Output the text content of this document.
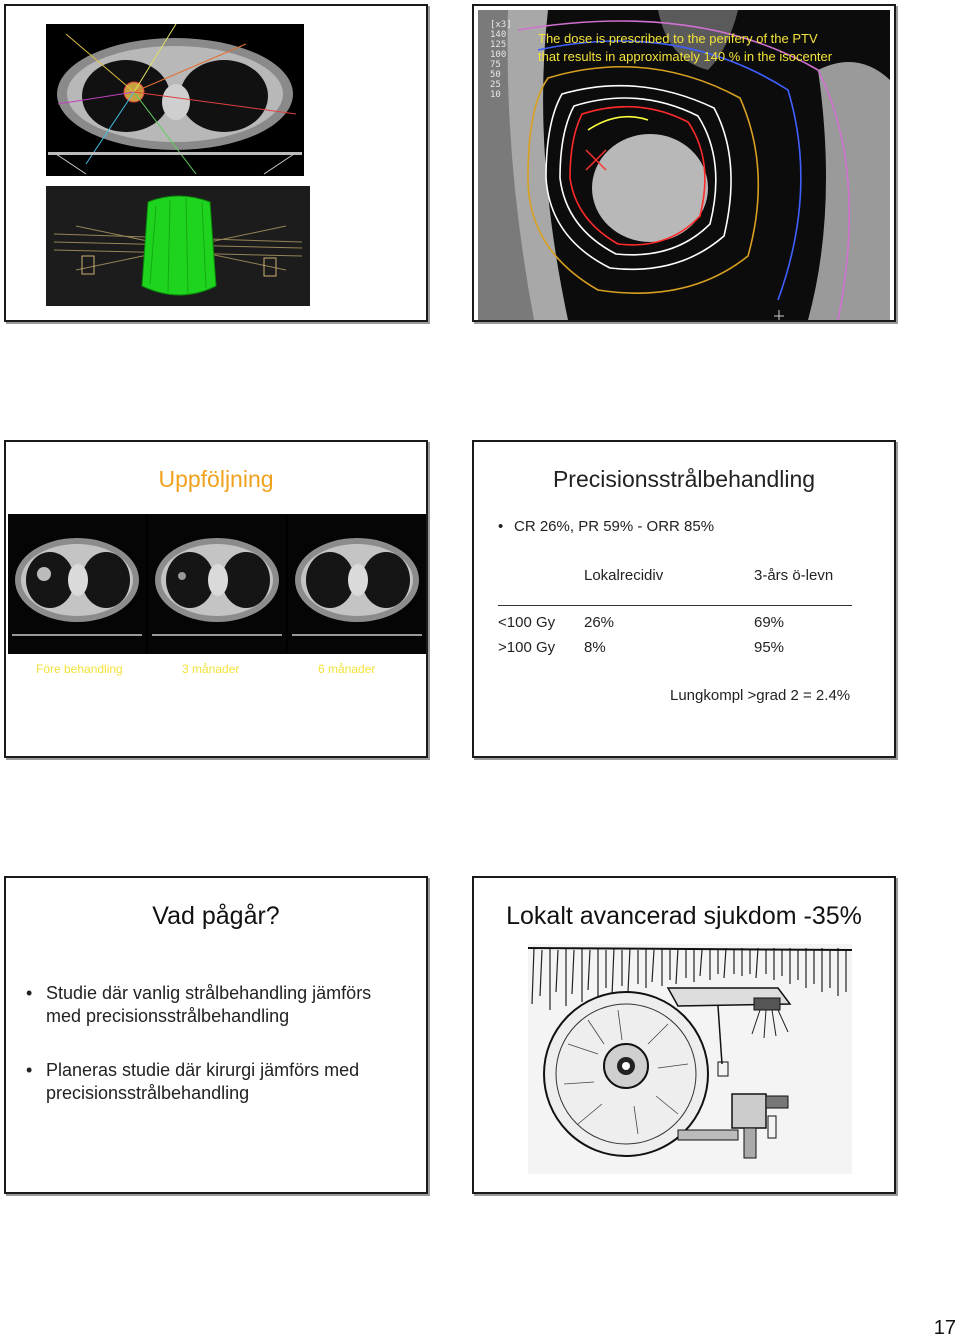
[x3]
140
125
100
75
50
25
10
The dose is prescribed to the perifery of the PTV
that results in approximately 140 % in the isocenter
Uppföljning
Före behandling	3 månader	6 månader
Precisionsstrålbehandling
• CR 26%, PR 59% - ORR 85%
Lokalrecidiv	3-års ö-levn
<100 Gy 26%	69%
>100 Gy 8%	95%
Lungkompl >grad 2 = 2.4%
Vad pågår?
• Studie där vanlig strålbehandling jämförs
med precisionsstrålbehandling
• Planeras studie där kirurgi jämförs med
precisionsstrålbehandling
Lokalt avancerad sjukdom -35%
17
